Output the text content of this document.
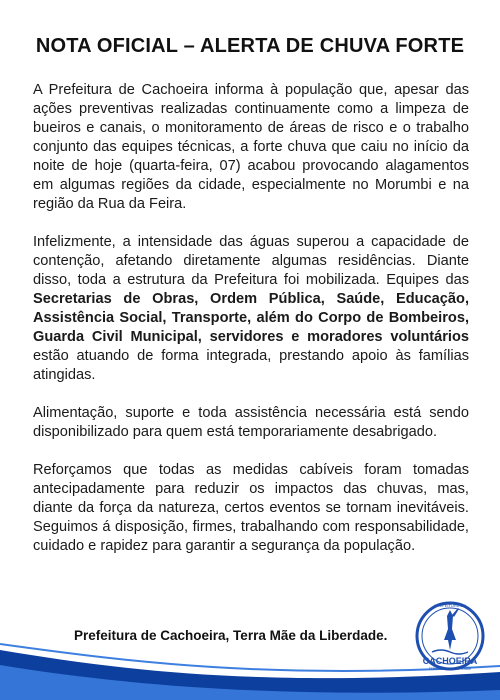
NOTA OFICIAL – ALERTA DE CHUVA FORTE

A Prefeitura de Cachoeira informa à população que, apesar das ações preventivas realizadas continuamente como a limpeza de bueiros e canais, o monitoramento de áreas de risco e o trabalho conjunto das equipes técnicas, a forte chuva que caiu no início da noite de hoje (quarta-feira, 07) acabou provocando alagamentos em algumas regiões da cidade, especialmente no Morumbi e na região da Rua da Feira.

Infelizmente, a intensidade das águas superou a capacidade de contenção, afetando diretamente algumas residências. Diante disso, toda a estrutura da Prefeitura foi mobilizada. Equipes das Secretarias de Obras, Ordem Pública, Saúde, Educação, Assistência Social, Transporte, além do Corpo de Bombeiros, Guarda Civil Municipal, servidores e moradores voluntários estão atuando de forma integrada, prestando apoio às famílias atingidas.

Alimentação, suporte e toda assistência necessária está sendo disponibilizado para quem está temporariamente desabrigado.

Reforçamos que todas as medidas cabíveis foram tomadas antecipadamente para reduzir os impactos das chuvas, mas, diante da força da natureza, certos eventos se tornam inevitáveis. Seguimos á disposição, firmes, trabalhando com responsabilidade, cuidado e rapidez para garantir a segurança da população.

Prefeitura de Cachoeira, Terra Mãe da Liberdade.
CACHOEIRA
PREFEITURA DE
TERRA MÃE DA LIBERDADE
